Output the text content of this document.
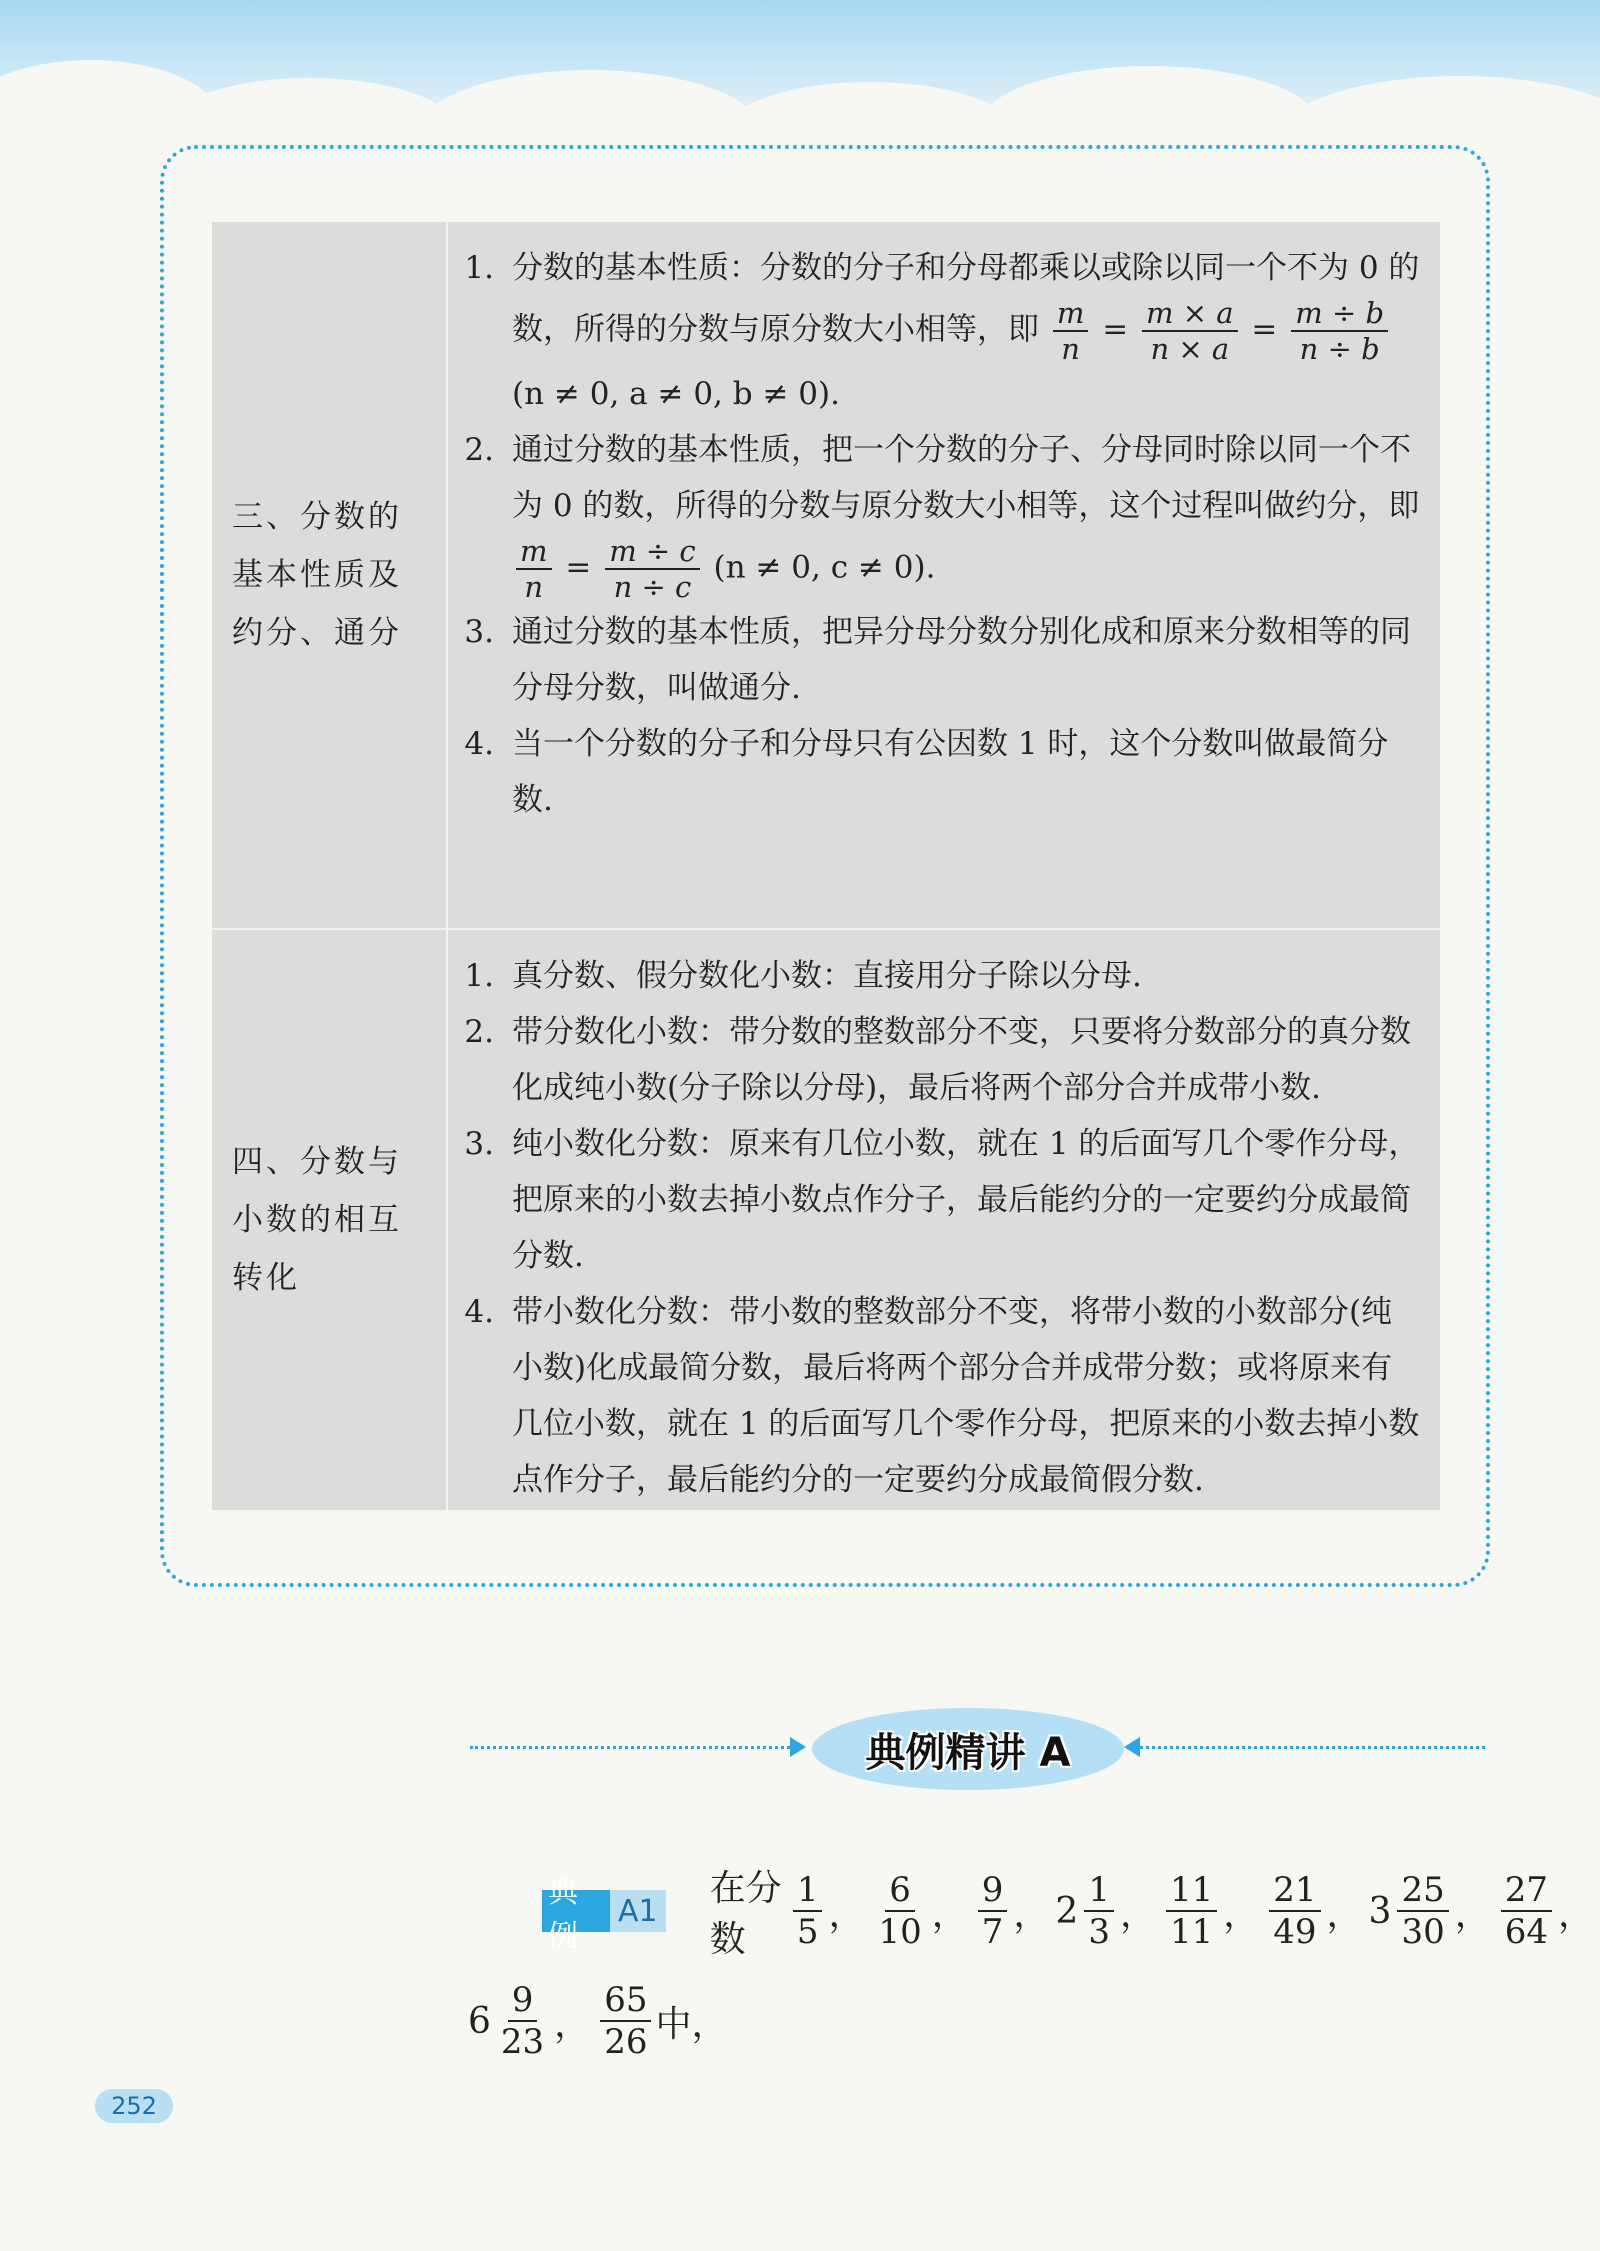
三、分数的基本性质及约分、通分
1. 分数的基本性质：分数的分子和分母都乘以或除以同一个不为 0 的数，所得的分数与原分数大小相等，即 $\frac{m}{n} = \frac{m \times a}{n \times a} = \frac{m \div b}{n \div b}$
(n ≠ 0, a ≠ 0, b ≠ 0).
2. 通过分数的基本性质，把一个分数的分子、分母同时除以同一个不为 0 的数，所得的分数与原分数大小相等，这个过程叫做约分，即
$\frac{m}{n} = \frac{m \div c}{n \div c} (n \ne 0$, c ≠ 0).
3. 通过分数的基本性质，把异分母分数分别化成和原来分数相等的同分母分数，叫做通分.
4. 当一个分数的分子和分母只有公因数 1 时，这个分数叫做最简分数.
四、分数与小数的相互转化
1. 真分数、假分数化小数：直接用分子除以分母.
2. 带分数化小数：带分数的整数部分不变，只要将分数部分的真分数化成纯小数(分子除以分母)，最后将两个部分合并成带小数.
3. 纯小数化分数：原来有几位小数，就在 1 的后面写几个零作分母，把原来的小数去掉小数点作分子，最后能约分的一定要约分成最简分数.
4. 带小数化分数：带小数的整数部分不变，将带小数的小数部分(纯小数)化成最简分数，最后将两个部分合并成带分数；或将原来有几位小数，就在 1 的后面写几个零作分母，把原来的小数去掉小数点作分子，最后能约分的一定要约分成最简假分数.
典例精讲 A
典例
A1
在分数	$\frac{1}{5}$ ， $\frac{6}{10}$ ， $\frac{9}{7}$ ， $2 \frac{1}{3}$ ， $\frac{11}{11}$ ， $\frac{21}{49}$ ， $3 \frac{25}{30}$ ， $\frac{27}{64}$ ，
$6 \frac{9}{23}$ ， $\frac{65}{26}$ 中，
252
